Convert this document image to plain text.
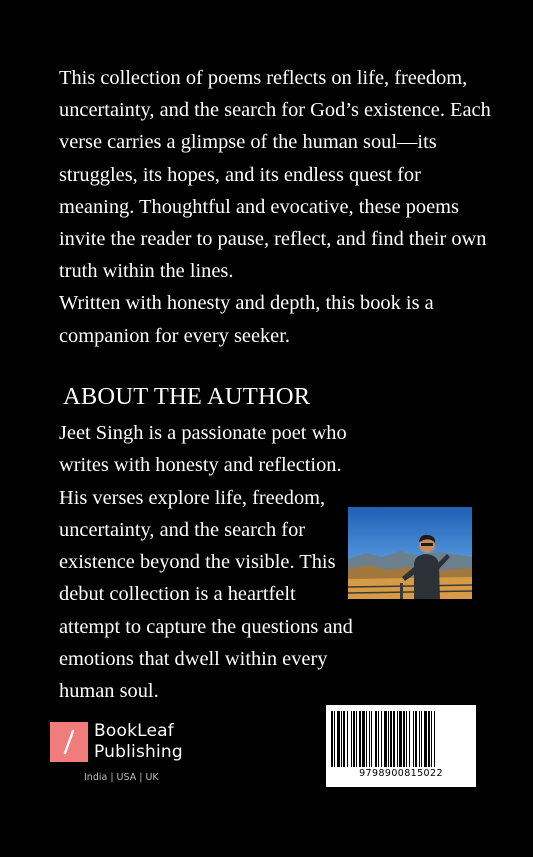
This collection of poems reflects on life, freedom, uncertainty, and the search for God’s existence. Each verse carries a glimpse of the human soul—its struggles, its hopes, and its endless quest for meaning. Thoughtful and evocative, these poems invite the reader to pause, reflect, and find their own truth within the lines.
Written with honesty and depth, this book is a companion for every seeker.

ABOUT THE AUTHOR

Jeet Singh is a passionate poet who writes with honesty and reflection. His verses explore life, freedom, uncertainty, and the search for existence beyond the visible. This debut collection is a heartfelt attempt to capture the questions and emotions that dwell within every human soul.

BookLeaf
Publishing
India | USA | UK	9798900815022
